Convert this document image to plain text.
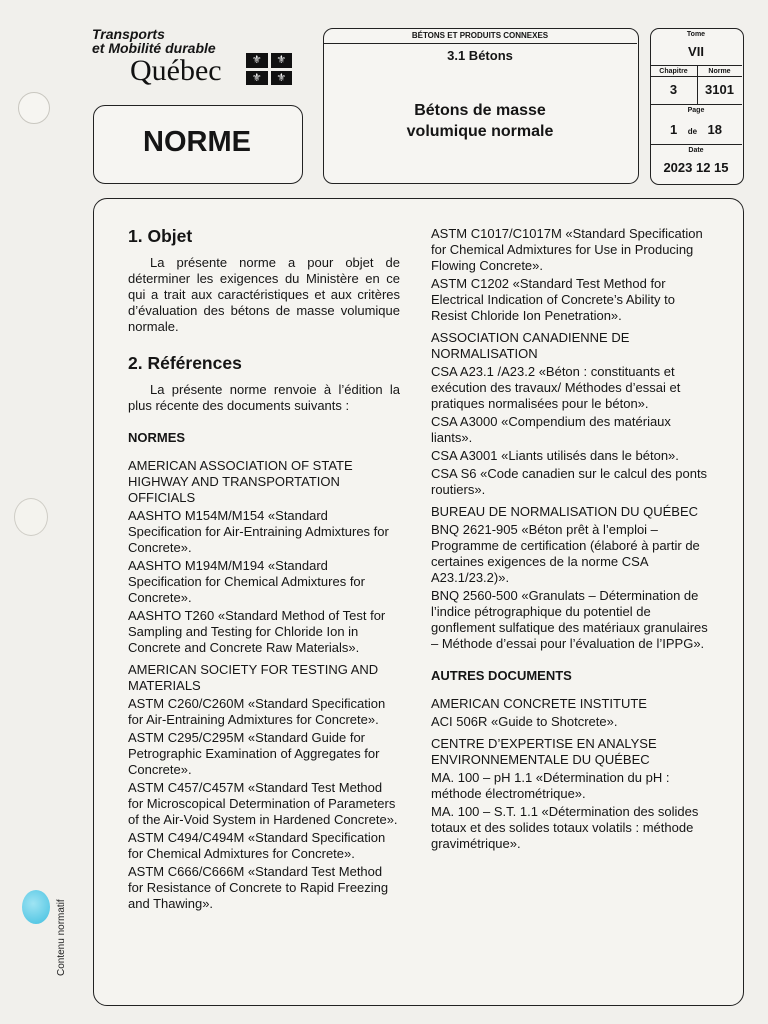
Transports
et Mobilité durable
Québec	⚜	⚜
⚜	⚜
NORME
BÉTONS ET PRODUITS CONNEXES
3.1 Bétons
Bétons de masse
volumique normale
Tome
VII
Chapitre	Norme
3	3101
Page
1 de 18
Date
2023 12 15
1. Objet
La présente norme a pour objet de déterminer les exigences du Ministère en ce qui a trait aux caractéristiques et aux critères d’évaluation des bétons de masse volumique normale.
2. Références
La présente norme renvoie à l’édition la plus récente des documents suivants :
NORMES
AMERICAN ASSOCIATION OF STATE HIGHWAY AND TRANSPORTATION OFFICIALS
AASHTO M154M/M154 «Standard Specification for Air-Entraining Admixtures for Concrete».
AASHTO M194M/M194 «Standard Specification for Chemical Admixtures for Concrete».
AASHTO T260 «Standard Method of Test for Sampling and Testing for Chloride Ion in Concrete and Concrete Raw Materials».
AMERICAN SOCIETY FOR TESTING AND MATERIALS
ASTM C260/C260M «Standard Specification for Air-Entraining Admixtures for Concrete».
ASTM C295/C295M «Standard Guide for Petrographic Examination of Aggregates for Concrete».
ASTM C457/C457M «Standard Test Method for Microscopical Determination of Parameters of the Air-Void System in Hardened Concrete».
ASTM C494/C494M «Standard Specification for Chemical Admixtures for Concrete».
ASTM C666/C666M «Standard Test Method for Resistance of Concrete to Rapid Freezing and Thawing».
ASTM C1017/C1017M «Standard Specification for Chemical Admixtures for Use in Producing Flowing Concrete».
ASTM C1202 «Standard Test Method for Electrical Indication of Concrete’s Ability to Resist Chloride Ion Penetration».
ASSOCIATION CANADIENNE DE NORMALISATION
CSA A23.1 /A23.2 «Béton : constituants et exécution des travaux/ Méthodes d’essai et pratiques normalisées pour le béton».
CSA A3000 «Compendium des matériaux liants».
CSA A3001 «Liants utilisés dans le béton».
CSA S6 «Code canadien sur le calcul des ponts routiers».
BUREAU DE NORMALISATION DU QUÉBEC
BNQ 2621-905 «Béton prêt à l’emploi – Programme de certification (élaboré à partir de certaines exigences de la norme CSA A23.1/23.2)».
BNQ 2560-500 «Granulats – Détermination de l’indice pétrographique du potentiel de gonflement sulfatique des matériaux granulaires – Méthode d’essai pour l’évaluation de l’IPPG».
AUTRES DOCUMENTS
AMERICAN CONCRETE INSTITUTE
ACI 506R «Guide to Shotcrete».
CENTRE D’EXPERTISE EN ANALYSE ENVIRONNEMENTALE DU QUÉBEC
MA. 100 – pH 1.1 «Détermination du pH : méthode électrométrique».
MA. 100 – S.T. 1.1 «Détermination des solides totaux et des solides totaux volatils : méthode gravimétrique».
Contenu normatif
